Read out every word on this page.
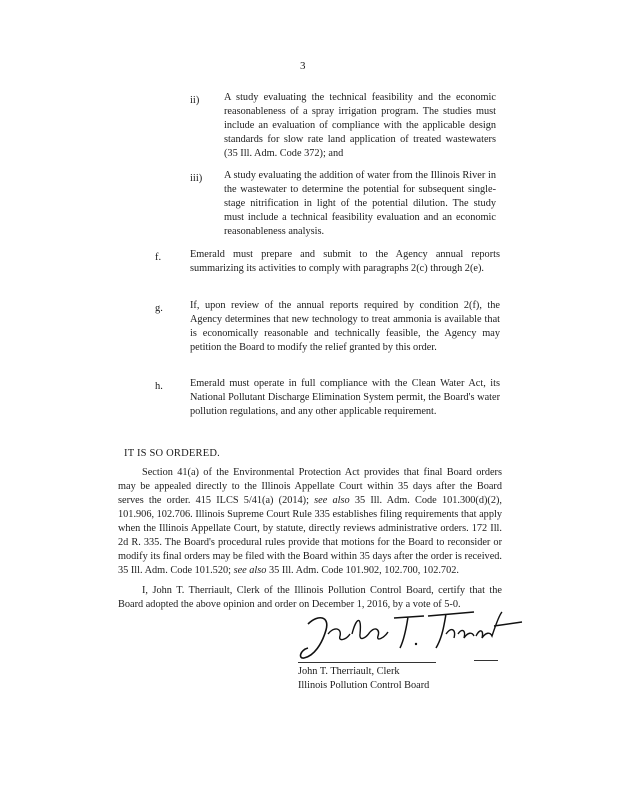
3
ii) A study evaluating the technical feasibility and the economic reasonableness of a spray irrigation program. The studies must include an evaluation of compliance with the applicable design standards for slow rate land application of treated wastewaters (35 Ill. Adm. Code 372); and
iii) A study evaluating the addition of water from the Illinois River in the wastewater to determine the potential for subsequent single-stage nitrification in light of the potential dilution. The study must include a technical feasibility evaluation and an economic reasonableness analysis.
f.	Emerald must prepare and submit to the Agency annual reports summarizing its activities to comply with paragraphs 2(c) through 2(e).
g.	If, upon review of the annual reports required by condition 2(f), the Agency determines that new technology to treat ammonia is available that is economically reasonable and technically feasible, the Agency may petition the Board to modify the relief granted by this order.
h.	Emerald must operate in full compliance with the Clean Water Act, its National Pollutant Discharge Elimination System permit, the Board's water pollution regulations, and any other applicable requirement.
IT IS SO ORDERED.
Section 41(a) of the Environmental Protection Act provides that final Board orders may be appealed directly to the Illinois Appellate Court within 35 days after the Board serves the order. 415 ILCS 5/41(a) (2014); see also 35 Ill. Adm. Code 101.300(d)(2), 101.906, 102.706. Illinois Supreme Court Rule 335 establishes filing requirements that apply when the Illinois Appellate Court, by statute, directly reviews administrative orders. 172 Ill. 2d R. 335. The Board's procedural rules provide that motions for the Board to reconsider or modify its final orders may be filed with the Board within 35 days after the order is received. 35 Ill. Adm. Code 101.520; see also 35 Ill. Adm. Code 101.902, 102.700, 102.702.
I, John T. Therriault, Clerk of the Illinois Pollution Control Board, certify that the Board adopted the above opinion and order on December 1, 2016, by a vote of 5-0.
John T. Therriault, Clerk
Illinois Pollution Control Board
